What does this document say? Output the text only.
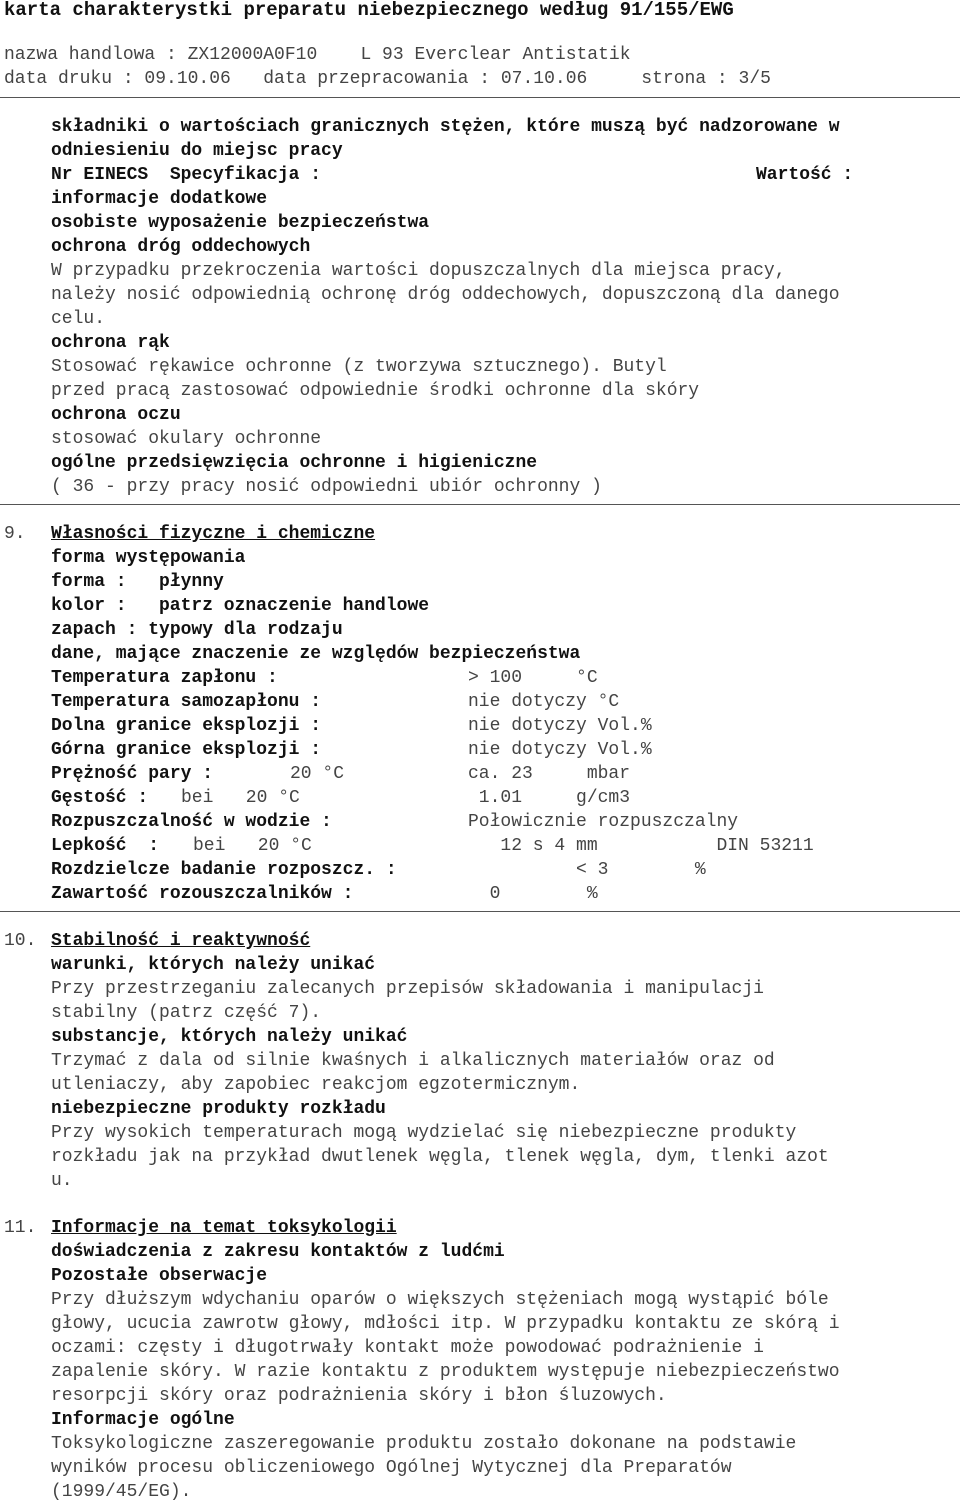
karta charakterystki preparatu niebezpiecznego według 91/155/EWG
nazwa handlowa : ZX12000A0F10    L 93 Everclear Antistatik
data druku : 09.10.06   data przepracowania : 07.10.06     strona : 3/5
składniki o wartościach granicznych stężen, które muszą być nadzorowane w
odniesieniu do miejsc pracy
Nr EINECS  Specyfikacja :	Wartość :
informacje dodatkowe
osobiste wyposażenie bezpieczeństwa
ochrona dróg oddechowych
W przypadku przekroczenia wartości dopuszczalnych dla miejsca pracy,
należy nosić odpowiednią ochronę dróg oddechowych, dopuszczoną dla danego
celu.
ochrona rąk
Stosować rękawice ochronne (z tworzywa sztucznego). Butyl
przed pracą zastosować odpowiednie środki ochronne dla skóry
ochrona oczu
stosować okulary ochronne
ogólne przedsięwzięcia ochronne i higieniczne
( 36 - przy pracy nosić odpowiedni ubiór ochronny )
9. Własności fizyczne i chemiczne
forma występowania
forma : płynny
kolor : patrz oznaczenie handlowe
zapach : typowy dla rodzaju
dane, mające znaczenie ze względów bezpieczeństwa
Temperatura zapłonu :	> 100     °C
Temperatura samozapłonu :	nie dotyczy °C
Dolna granice eksplozji :	nie dotyczy Vol.%
Górna granice eksplozji :	nie dotyczy Vol.%
Prężność pary :	20 °C	ca. 23     mbar
Gęstość : bei   20 °C	1.01     g/cm3
Rozpuszczalność w wodzie :	Połowicznie rozpuszczalny
Lepkość  : bei   20 °C	12 s 4 mm           DIN 53211
Rozdzielcze badanie rozposzcz. :	< 3        %
Zawartość rozouszczalników :	0        %
10. Stabilność i reaktywność
warunki, których należy unikać
Przy przestrzeganiu zalecanych przepisów składowania i manipulacji
stabilny (patrz część 7).
substancje, których należy unikać
Trzymać z dala od silnie kwaśnych i alkalicznych materiałów oraz od
utleniaczy, aby zapobiec reakcjom egzotermicznym.
niebezpieczne produkty rozkładu
Przy wysokich temperaturach mogą wydzielać się niebezpieczne produkty
rozkładu jak na przykład dwutlenek węgla, tlenek węgla, dym, tlenki azot
u.
11. Informacje na temat toksykologii
doświadczenia z zakresu kontaktów z ludćmi
Pozostałe obserwacje
Przy dłuższym wdychaniu oparów o większych stężeniach mogą wystąpić bóle
głowy, ucucia zawrotw głowy, mdłości itp. W przypadku kontaktu ze skórą i
oczami: częsty i długotrwały kontakt może powodować podrażnienie i
zapalenie skóry. W razie kontaktu z produktem występuje niebezpieczeństwo
resorpcji skóry oraz podrażnienia skóry i błon śluzowych.
Informacje ogólne
Toksykologiczne zaszeregowanie produktu zostało dokonane na podstawie
wyników procesu obliczeniowego Ogólnej Wytycznej dla Preparatów
(1999/45/EG).
